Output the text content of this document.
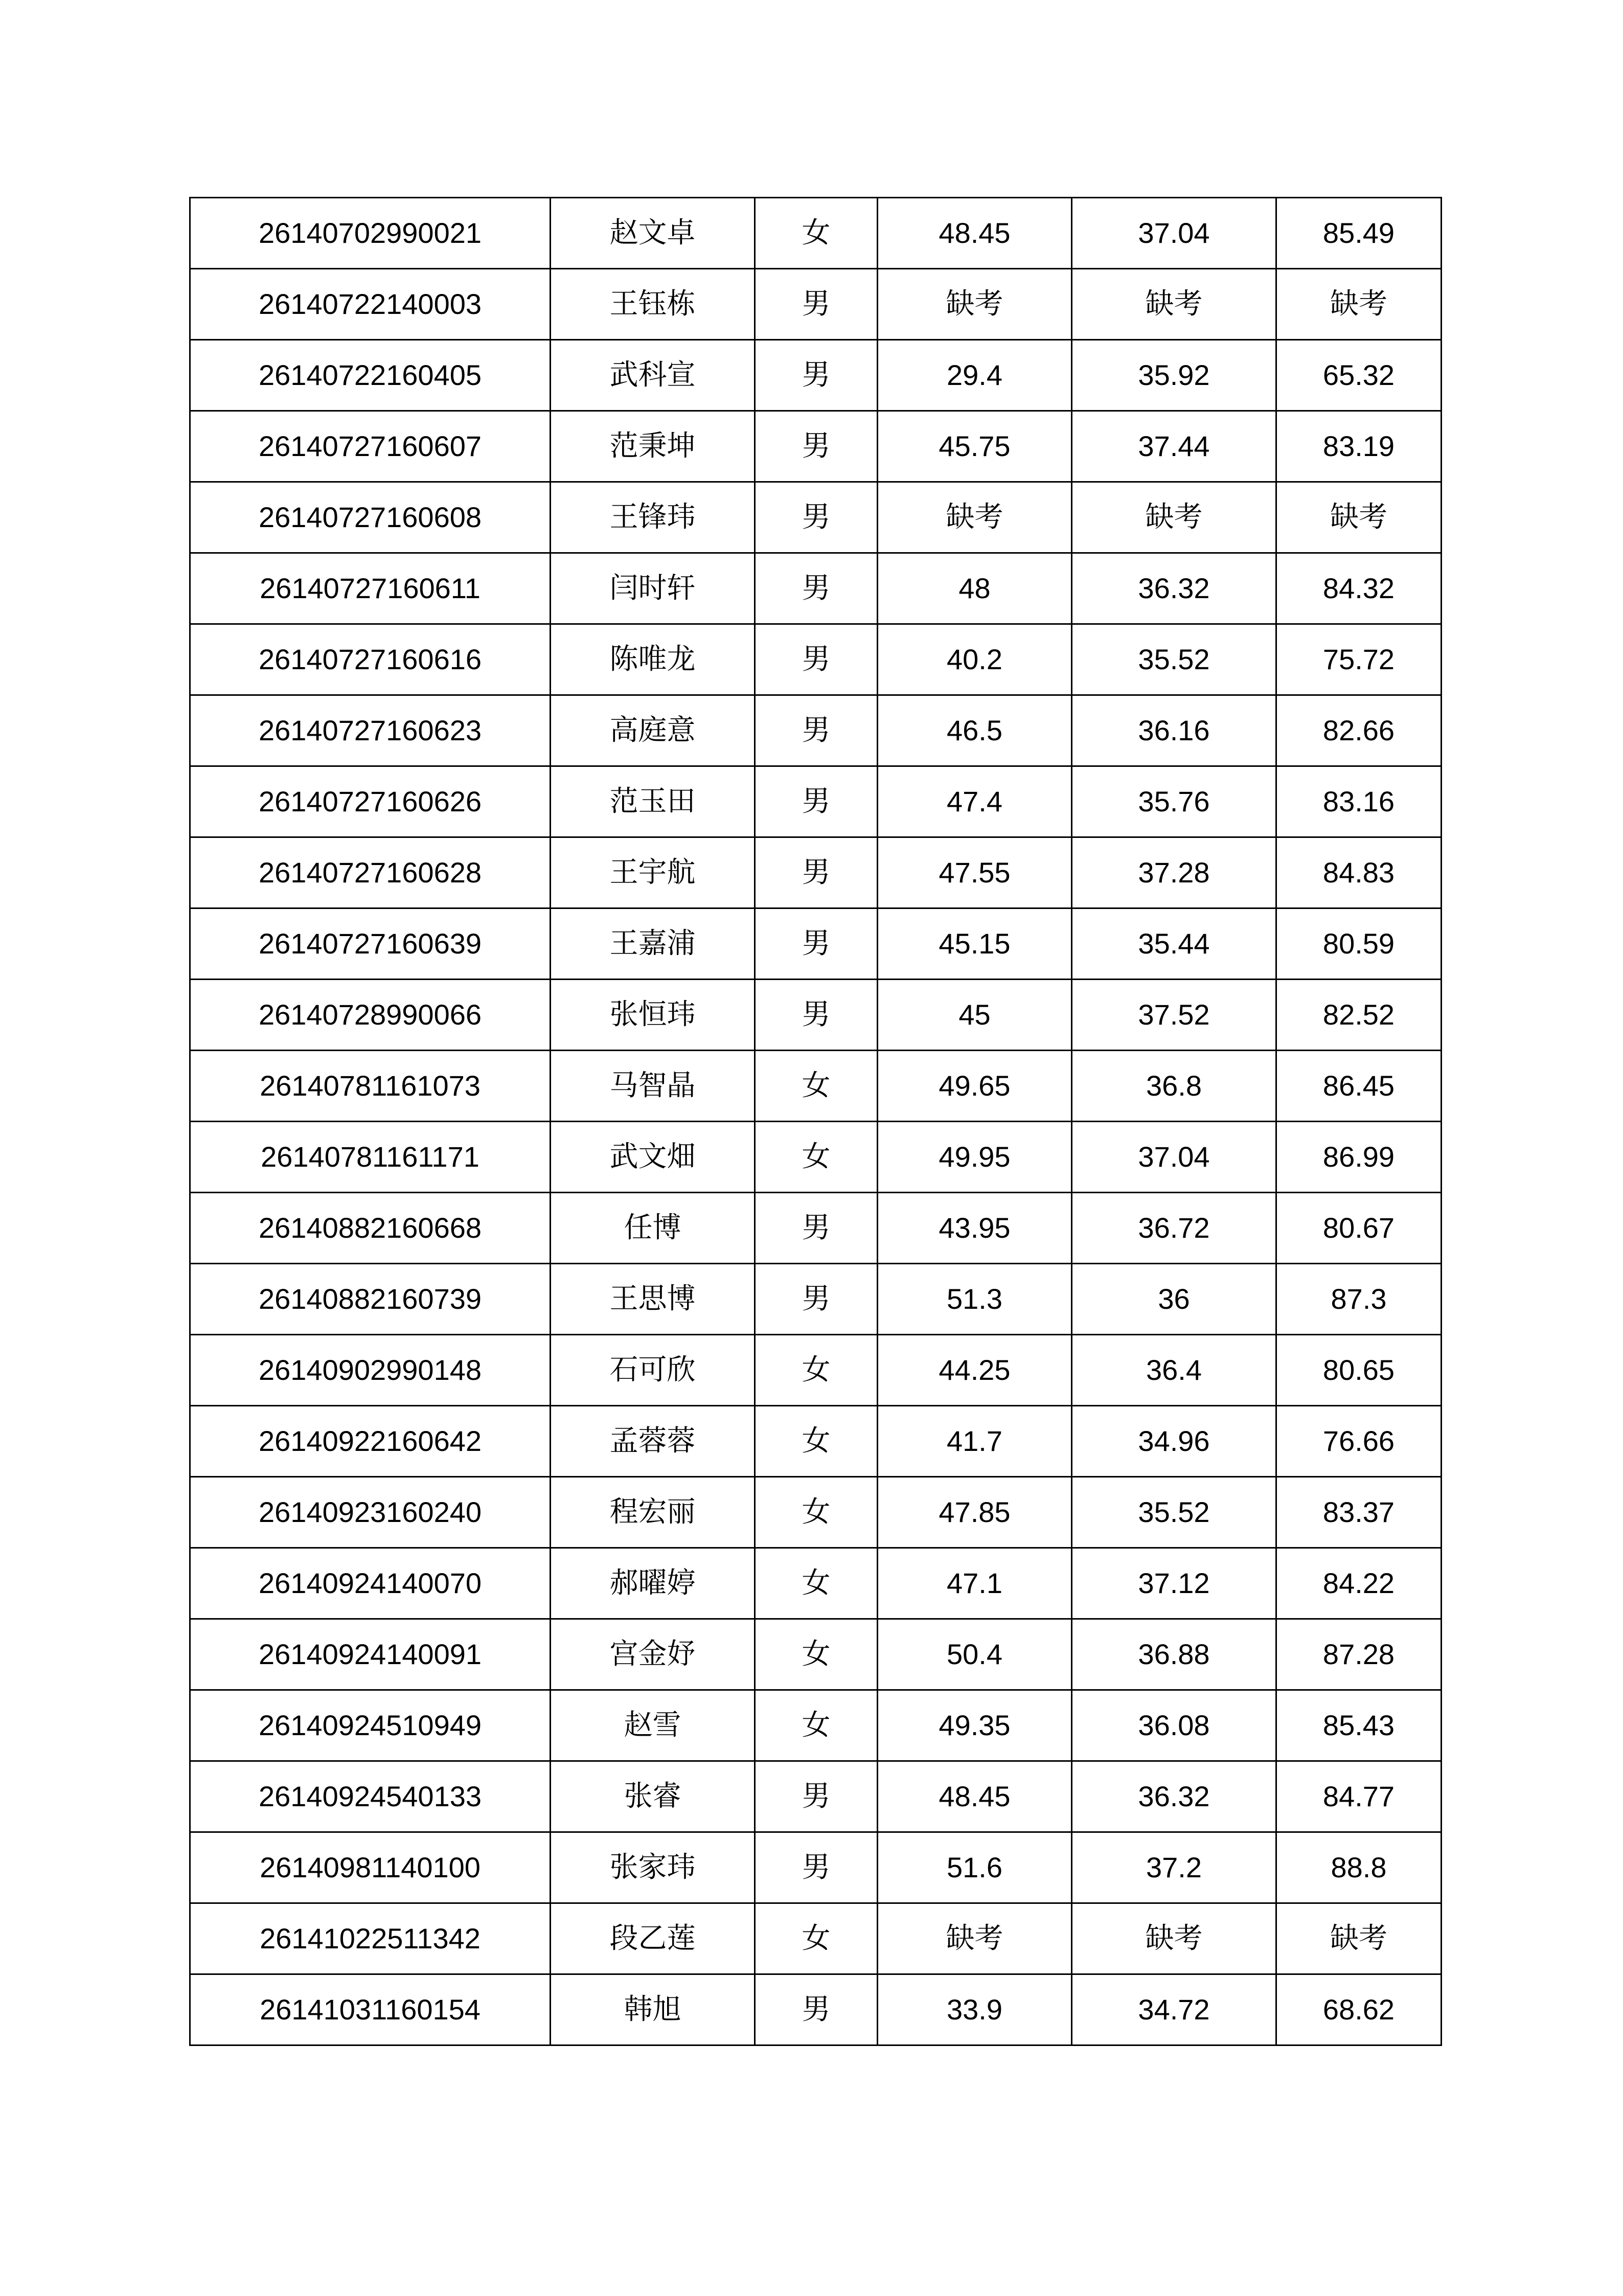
26140702990021	赵文卓	女	48.45	37.04	85.49
26140722140003	王钰栋	男	缺考	缺考	缺考
26140722160405	武科宣	男	29.4	35.92	65.32
26140727160607	范秉坤	男	45.75	37.44	83.19
26140727160608	王锋玮	男	缺考	缺考	缺考
26140727160611	闫时轩	男	48	36.32	84.32
26140727160616	陈唯龙	男	40.2	35.52	75.72
26140727160623	高庭意	男	46.5	36.16	82.66
26140727160626	范玉田	男	47.4	35.76	83.16
26140727160628	王宇航	男	47.55	37.28	84.83
26140727160639	王嘉浦	男	45.15	35.44	80.59
26140728990066	张恒玮	男	45	37.52	82.52
26140781161073	马智晶	女	49.65	36.8	86.45
26140781161171	武文畑	女	49.95	37.04	86.99
26140882160668	任博	男	43.95	36.72	80.67
26140882160739	王思博	男	51.3	36	87.3
26140902990148	石可欣	女	44.25	36.4	80.65
26140922160642	孟蓉蓉	女	41.7	34.96	76.66
26140923160240	程宏丽	女	47.85	35.52	83.37
26140924140070	郝曜婷	女	47.1	37.12	84.22
26140924140091	宫金妤	女	50.4	36.88	87.28
26140924510949	赵雪	女	49.35	36.08	85.43
26140924540133	张睿	男	48.45	36.32	84.77
26140981140100	张家玮	男	51.6	37.2	88.8
26141022511342	段乙莲	女	缺考	缺考	缺考
26141031160154	韩旭	男	33.9	34.72	68.62
